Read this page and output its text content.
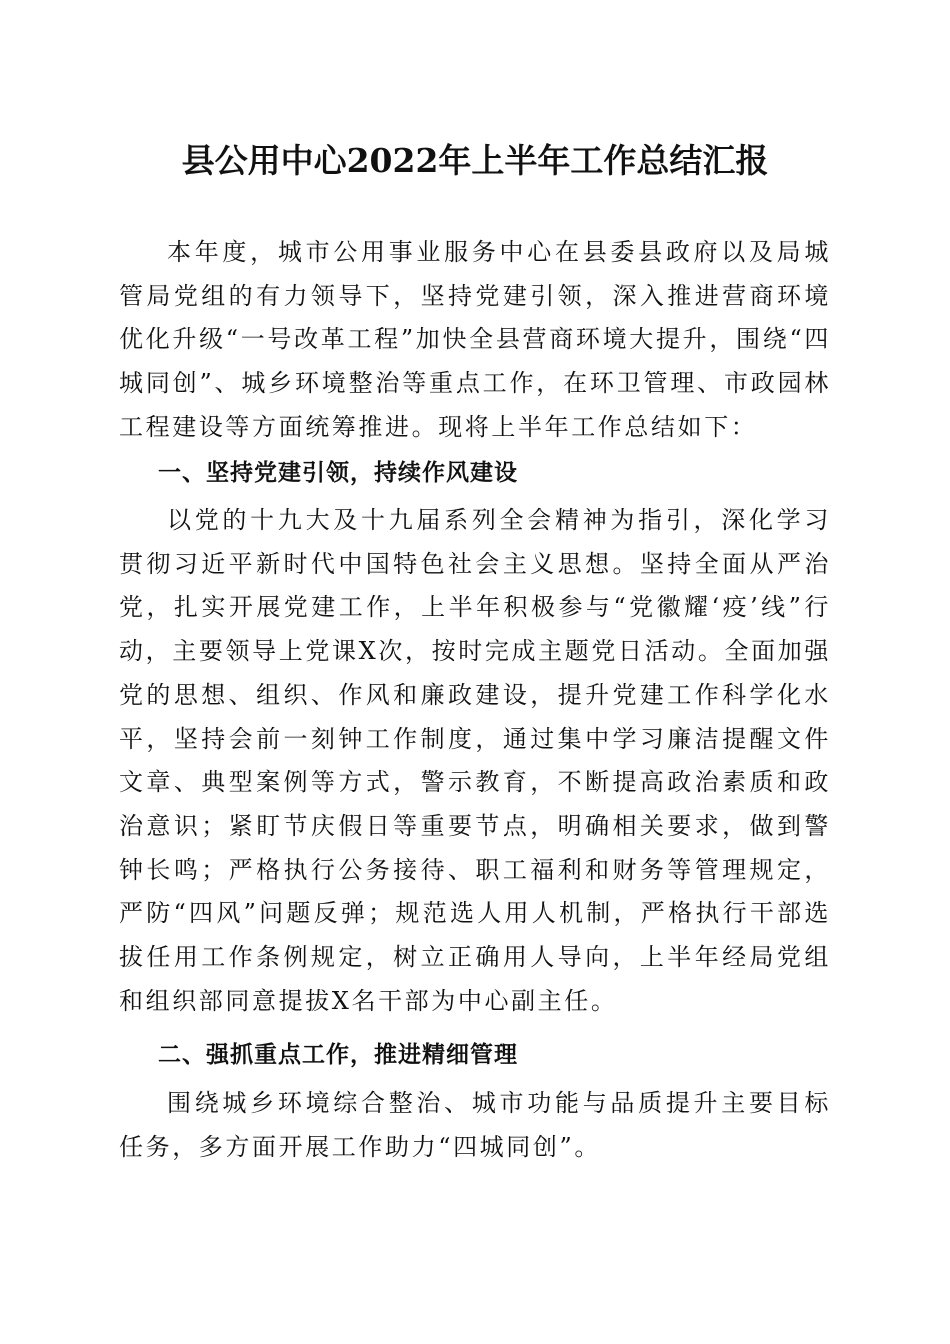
县公用中心2022年上半年工作总结汇报

本年度，城市公用事业服务中心在县委县政府以及局城管局党组的有力领导下，坚持党建引领，深入推进营商环境优化升级“一号改革工程”加快全县营商环境大提升，围绕“四城同创”、城乡环境整治等重点工作，在环卫管理、市政园林工程建设等方面统筹推进。现将上半年工作总结如下：

一、坚持党建引领，持续作风建设

以党的十九大及十九届系列全会精神为指引，深化学习贯彻习近平新时代中国特色社会主义思想。坚持全面从严治党，扎实开展党建工作，上半年积极参与“党徽耀‘疫’线”行动，主要领导上党课X次，按时完成主题党日活动。全面加强党的思想、组织、作风和廉政建设，提升党建工作科学化水平，坚持会前一刻钟工作制度，通过集中学习廉洁提醒文件文章、典型案例等方式，警示教育，不断提高政治素质和政治意识；紧盯节庆假日等重要节点，明确相关要求，做到警钟长鸣；严格执行公务接待、职工福利和财务等管理规定，严防“四风”问题反弹；规范选人用人机制，严格执行干部选拔任用工作条例规定，树立正确用人导向，上半年经局党组和组织部同意提拔X名干部为中心副主任。

二、强抓重点工作，推进精细管理

围绕城乡环境综合整治、城市功能与品质提升主要目标任务，多方面开展工作助力“四城同创”。
